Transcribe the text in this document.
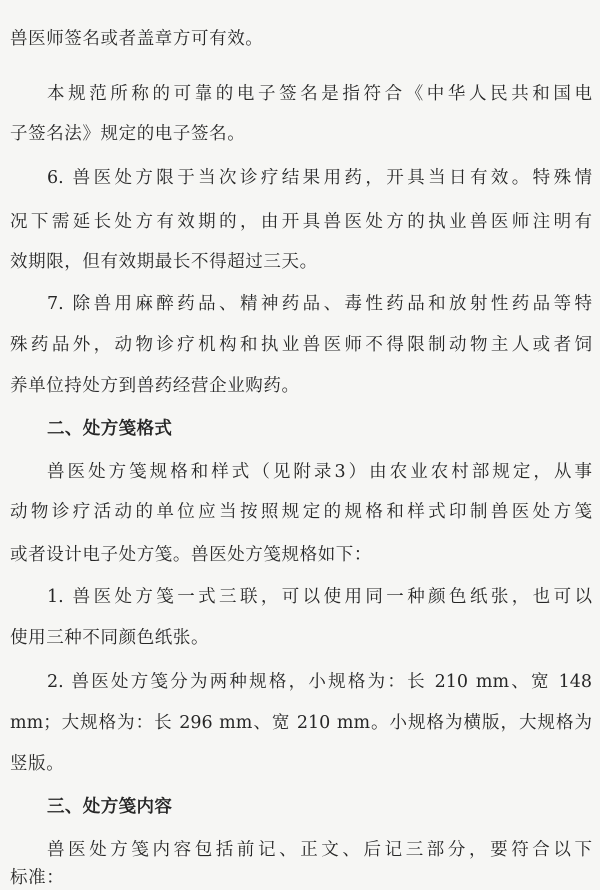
兽医师签名或者盖章方可有效。
本规范所称的可靠的电子签名是指符合《中华人民共和国电
子签名法》规定的电子签名。
6. 兽医处方限于当次诊疗结果用药，开具当日有效。特殊情
况下需延长处方有效期的，由开具兽医处方的执业兽医师注明有
效期限，但有效期最长不得超过三天。
7. 除兽用麻醉药品、精神药品、毒性药品和放射性药品等特
殊药品外，动物诊疗机构和执业兽医师不得限制动物主人或者饲
养单位持处方到兽药经营企业购药。
二、处方笺格式
兽医处方笺规格和样式（见附录3）由农业农村部规定，从事
动物诊疗活动的单位应当按照规定的规格和样式印制兽医处方笺
或者设计电子处方笺。兽医处方笺规格如下：
1. 兽医处方笺一式三联，可以使用同一种颜色纸张，也可以
使用三种不同颜色纸张。
2. 兽医处方笺分为两种规格，小规格为：长 210 mm、宽 148
mm；大规格为：长 296 mm、宽 210 mm。小规格为横版，大规格为
竖版。
三、处方笺内容
兽医处方笺内容包括前记、正文、后记三部分，要符合以下
标准：
